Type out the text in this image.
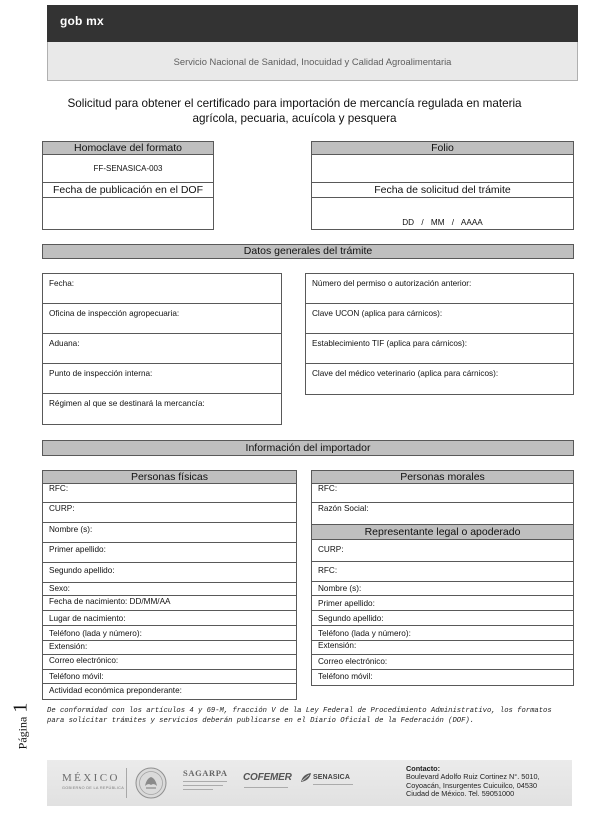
gob mx
Servicio Nacional de Sanidad, Inocuidad y Calidad Agroalimentaria
Solicitud para obtener el certificado para importación de mercancía regulada en materia
agrícola, pecuaria, acuícola y pesquera
Homoclave del formato
FF-SENASICA-003
Fecha de publicación en el DOF
Folio
Fecha de solicitud del trámite
DD / MM / AAAA
Datos generales del trámite
Fecha:
Oficina de inspección agropecuaria:
Aduana:
Punto de inspección interna:
Régimen al que se destinará la mercancía:
Número del permiso o autorización anterior:
Clave UCON (aplica para cárnicos):
Establecimiento TIF (aplica para cárnicos):
Clave del médico veterinario (aplica para cárnicos):
Información del importador
Personas físicas
RFC:
CURP:
Nombre (s):
Primer apellido:
Segundo apellido:
Sexo:
Fecha de nacimiento: DD/MM/AA
Lugar de nacimiento:
Teléfono (lada y número):
Extensión:
Correo electrónico:
Teléfono móvil:
Actividad económica preponderante:
Personas morales
RFC:
Razón Social:
Representante legal o apoderado
CURP:
RFC:
Nombre (s):
Primer apellido:
Segundo apellido:
Teléfono (lada y número):
Extensión:
Correo electrónico:
Teléfono móvil:
De conformidad con los artículos 4 y 69-M, fracción V de la Ley Federal de Procedimiento Administrativo, los formatos
para solicitar trámites y servicios deberán publicarse en el Diario Oficial de la Federación (DOF).
Página 1
MÉXICO
GOBIERNO DE LA REPÚBLICA
SAGARPA COFEMER	SENASICA
Contacto:
Boulevard Adolfo Ruiz Cortinez N°. 5010,
Coyoacán, Insurgentes Cuicuilco, 04530
Ciudad de México. Tel. 59051000
